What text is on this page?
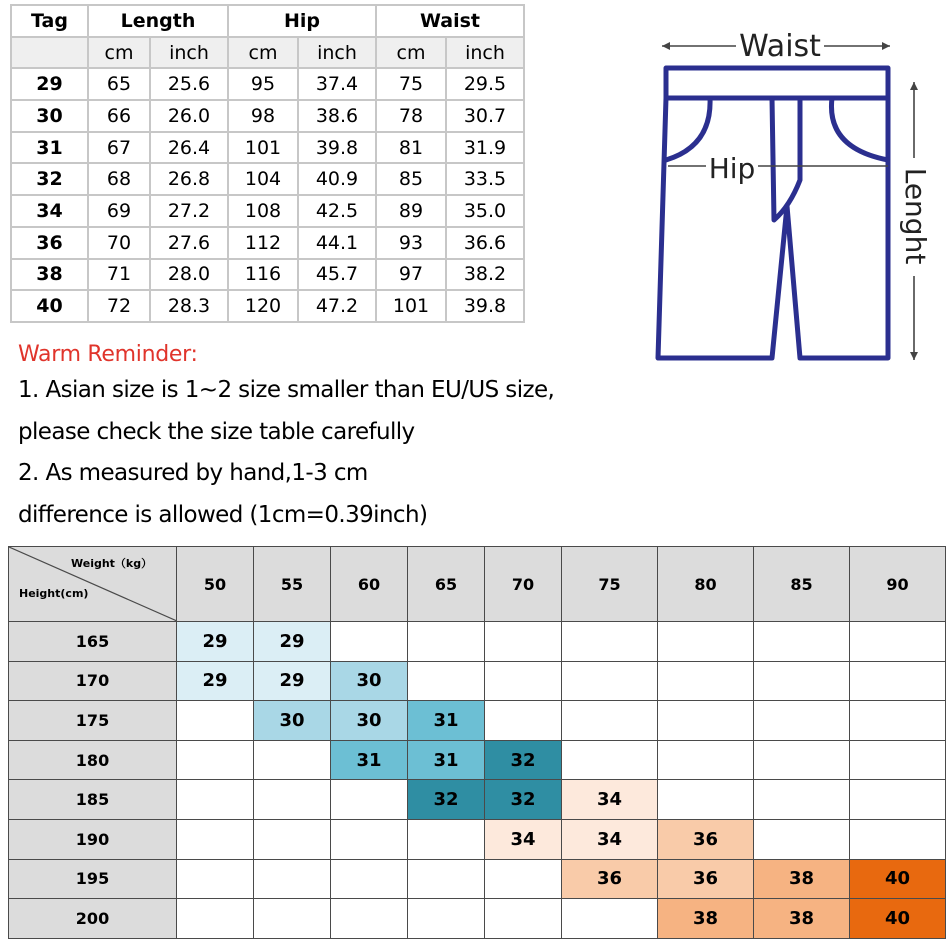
Tag	Length		Hip		Waist	
	cm	inch	cm	inch	cm	inch
29	65	25.6	95	37.4	75	29.5
30	66	26.0	98	38.6	78	30.7
31	67	26.4	101	39.8	81	31.9
32	68	26.8	104	40.9	85	33.5
34	69	27.2	108	42.5	89	35.0
36	70	27.6	112	44.1	93	36.6
38	71	28.0	116	45.7	97	38.2
40	72	28.3	120	47.2	101	39.8

Warm Reminder:

1. Asian size is 1~2 size smaller than EU/US size,

please check the size table carefully

2. As measured by hand,1-3 cm

difference is allowed (1cm=0.39inch)

Waist
Hip	Lenght
Weight（kg）
Height(cm)	50	55	60	65	70	75	80	85	90
165	29	29							
170	29	29	30						
175		30	30	31					
180			31	31	32				
185				32	32	34			
190					34	34	36		
195						36	36	38	40
200							38	38	40
